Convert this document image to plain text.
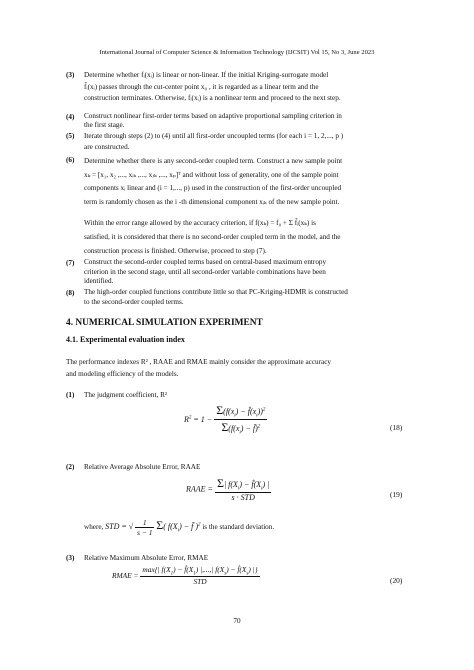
International Journal of Computer Science & Information Technology (IJCSIT) Vol 15, No 3, June 2023
(3) Determine whether fᵢ(xᵢ) is linear or non-linear. If the initial Kriging-surrogate model
f̂ᵢ(xᵢ) passes through the cut-center point x₀ , it is regarded as a linear term and the
construction terminates. Otherwise, fᵢ(xᵢ) is a nonlinear term and proceed to the next step.
(4) Construct nonlinear first-order terms based on adaptive proportional sampling criterion in
the first stage.
(5) Iterate through steps (2) to (4) until all first-order uncoupled terms (for each i = 1, 2,..., p )
are constructed.
(6) Determine whether there is any second-order coupled term. Construct a new sample point
xₖ = [x₁, x₂ ,..., xᵢₖ ,..., xⱼₖ ,..., xₚ]ᵀ and without loss of generality, one of the sample point
components xᵢ linear and (i = 1,..., p) used in the construction of the first-order uncoupled
term is randomly chosen as the i -th dimensional component xᵢₖ of the new sample point.
Within the error range allowed by the accuracy criterion, if f(xₖ) = f₀ + Σ f̂ᵢ(xₖ) is
satisfied, it is considered that there is no second-order coupled term in the model, and the
construction process is finished. Otherwise, proceed to step (7).
(7) Construct the second-order coupled terms based on central-based maximum entropy
criterion in the second stage, until all second-order variable combinations have been
identified.
(8) The high-order coupled functions contribute little so that PC-Kriging-HDMR is constructed
to the second-order coupled terms.
4. NUMERICAL SIMULATION EXPERIMENT
4.1. Experimental evaluation index
The performance indexes R² , RAAE and RMAE mainly consider the approximate accuracy
and modeling efficiency of the models.
(1) The judgment coefficient, R²
$R^2 = 1 - \frac{\Sigma(f(x_i) - f̂(x_i))^2}{\Sigma(f(x_i) - f̄)^2}$	(18)
(2) Relative Average Absolute Error, RAAE
RAAE = $\frac{\Sigma| f(X_i) - f̂(X_i) |}{\text{s · STD}}$	(19)
where, STD = √ $\frac{1}{s - 1} \Sigma$( $f(X_i)$ − f̄ )$^2$ is the standard deviation.
(3) Relative Maximum Absolute Error, RMAE
RMAE = $\frac{\max\{| f(X_1) - f̂(X_1) |,...,| f(X_s) - f̂(X_s) |\}}{\text{STD}}$	(20)
70
